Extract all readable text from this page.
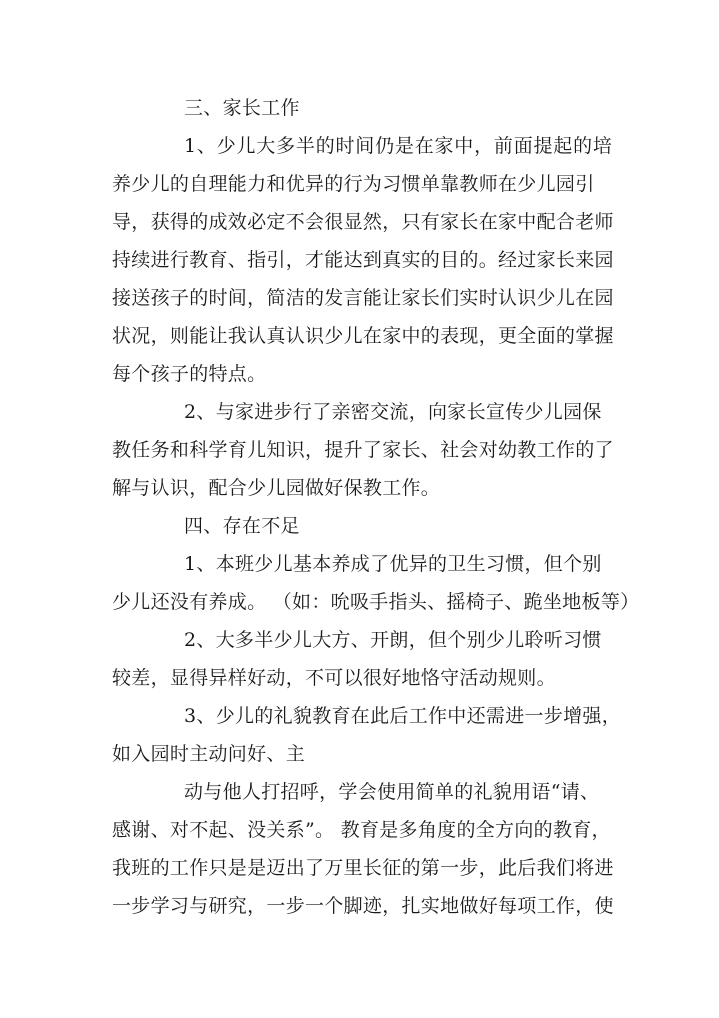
三、家长工作
1、少儿大多半的时间仍是在家中，前面提起的培
养少儿的自理能力和优异的行为习惯单靠教师在少儿园引
导，获得的成效必定不会很显然，只有家长在家中配合老师
持续进行教育、指引，才能达到真实的目的。经过家长来园
接送孩子的时间，简洁的发言能让家长们实时认识少儿在园
状况，则能让我认真认识少儿在家中的表现，更全面的掌握
每个孩子的特点。
2、与家进步行了亲密交流，向家长宣传少儿园保
教任务和科学育儿知识，提升了家长、社会对幼教工作的了
解与认识，配合少儿园做好保教工作。
四、存在不足
1、本班少儿基本养成了优异的卫生习惯，但个别
少儿还没有养成。 （如：吮吸手指头、摇椅子、跪坐地板等）
2、大多半少儿大方、开朗，但个别少儿聆听习惯
较差，显得异样好动，不可以很好地恪守活动规则。
3、少儿的礼貌教育在此后工作中还需进一步增强，
如入园时主动问好、主
动与他人打招呼，学会使用简单的礼貌用语“请、
感谢、对不起、没关系”。 教育是多角度的全方向的教育，
我班的工作只是是迈出了万里长征的第一步，此后我们将进
一步学习与研究，一步一个脚迹，扎实地做好每项工作，使
